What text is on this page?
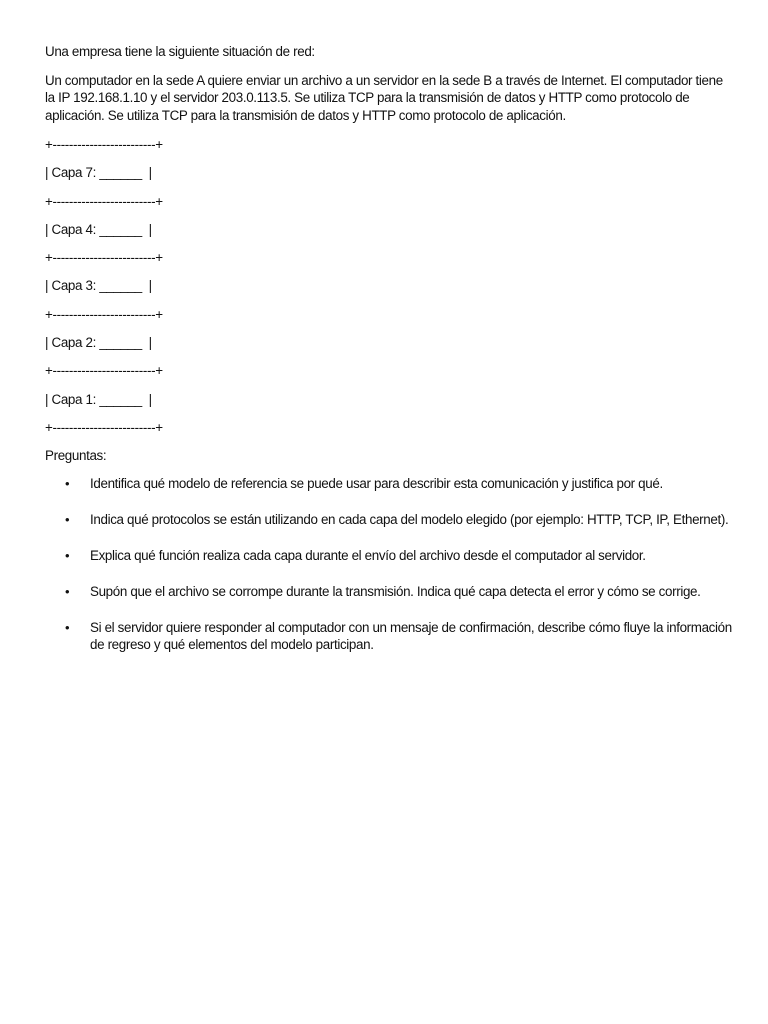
Una empresa tiene la siguiente situación de red:

Un computador en la sede A quiere enviar un archivo a un servidor en la sede B a través de Internet. El computador tiene la IP 192.168.1.10 y el servidor 203.0.113.5. Se utiliza TCP para la transmisión de datos y HTTP como protocolo de aplicación. Se utiliza TCP para la transmisión de datos y HTTP como protocolo de aplicación.

+-------------------------+

| Capa 7: ______  |

+-------------------------+

| Capa 4: ______  |

+-------------------------+

| Capa 3: ______  |

+-------------------------+

| Capa 2: ______  |

+-------------------------+

| Capa 1: ______  |

+-------------------------+

Preguntas:

• Identifica qué modelo de referencia se puede usar para describir esta comunicación y justifica por qué.
• Indica qué protocolos se están utilizando en cada capa del modelo elegido (por ejemplo: HTTP, TCP, IP, Ethernet).
• Explica qué función realiza cada capa durante el envío del archivo desde el computador al servidor.
• Supón que el archivo se corrompe durante la transmisión. Indica qué capa detecta el error y cómo se corrige.
• Si el servidor quiere responder al computador con un mensaje de confirmación, describe cómo fluye la información de regreso y qué elementos del modelo participan.
